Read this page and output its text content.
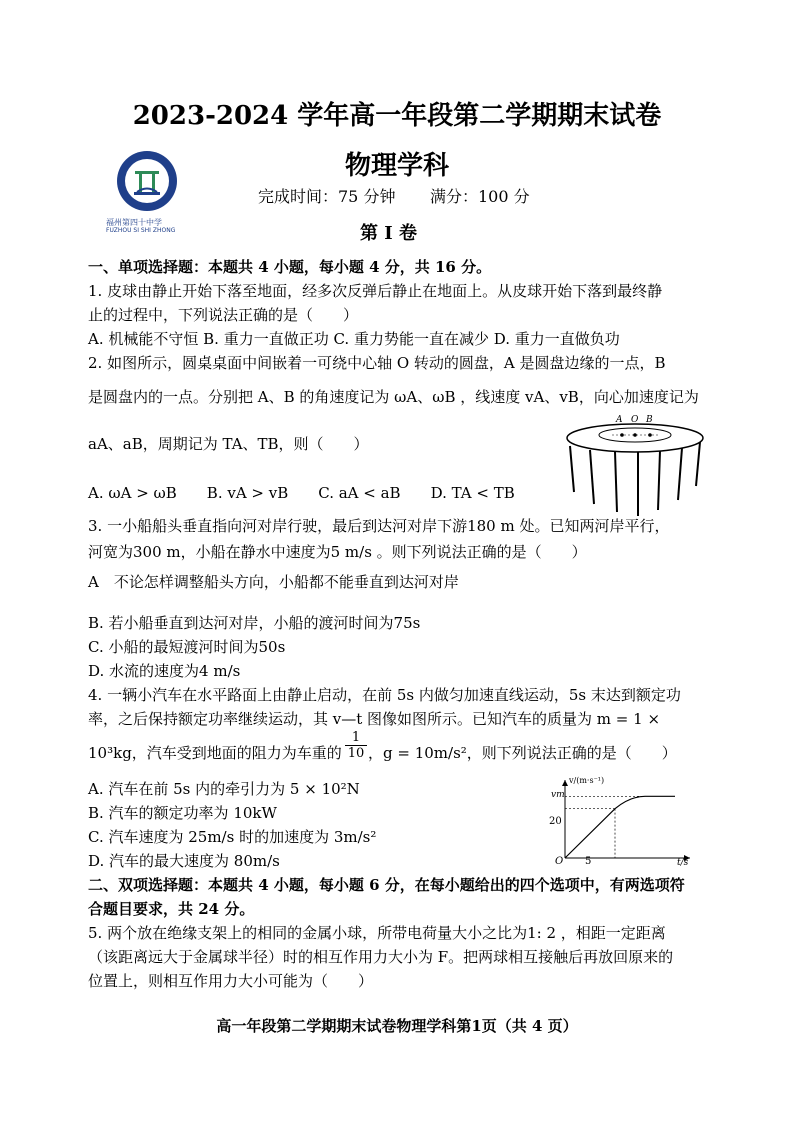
2023-2024 学年高一年段第二学期期末试卷
物理学科
完成时间：75 分钟 满分：100 分
第 I 卷
福州第四十中学
FUZHOU SI SHI ZHONG
一、单项选择题：本题共 4 小题，每小题 4 分，共 16 分。
1. 皮球由静止开始下落至地面，经多次反弹后静止在地面上。从皮球开始下落到最终静
止的过程中，下列说法正确的是（　　）
A. 机械能不守恒 B. 重力一直做正功 C. 重力势能一直在减少 D. 重力一直做负功
2. 如图所示，圆桌桌面中间嵌着一可绕中心轴 O 转动的圆盘，A 是圆盘边缘的一点，B
是圆盘内的一点。分别把 A、B 的角速度记为 ωA、ωB ，线速度 vA、vB，向心加速度记为
aA、aB，周期记为 TA、TB，则（　　）
A. ωA > ωB　　B. vA > vB　　C. aA < aB　　D. TA < TB
A O B
3. 一小船船头垂直指向河对岸行驶，最后到达河对岸下游180 m 处。已知两河岸平行，
河宽为300 m，小船在静水中速度为5 m/s 。则下列说法正确的是（　　）
A　不论怎样调整船头方向，小船都不能垂直到达河对岸
B. 若小船垂直到达河对岸，小船的渡河时间为75s
C. 小船的最短渡河时间为50s
D. 水流的速度为4 m/s
4. 一辆小汽车在水平路面上由静止启动，在前 5s 内做匀加速直线运动，5s 末达到额定功
率，之后保持额定功率继续运动，其 v—t 图像如图所示。已知汽车的质量为 m = 1 ×
10³kg，汽车受到地面的阻力为车重的 $\frac{1}{10}$ ，g = 10m/s²，则下列说法正确的是（　　）
A. 汽车在前 5s 内的牵引力为 5 × 10²N
B. 汽车的额定功率为 10kW
C. 汽车速度为 25m/s 时的加速度为 3m/s²
D. 汽车的最大速度为 80m/s
v/(m·s⁻¹)
t/s
O 5
20
vm
二、双项选择题：本题共 4 小题，每小题 6 分，在每小题给出的四个选项中，有两选项符
合题目要求，共 24 分。
5. 两个放在绝缘支架上的相同的金属小球，所带电荷量大小之比为1: 2 ，相距一定距离
（该距离远大于金属球半径）时的相互作用力大小为 F。把两球相互接触后再放回原来的
位置上，则相互作用力大小可能为（　　）
高一年段第二学期期末试卷物理学科第1页（共 4 页）
